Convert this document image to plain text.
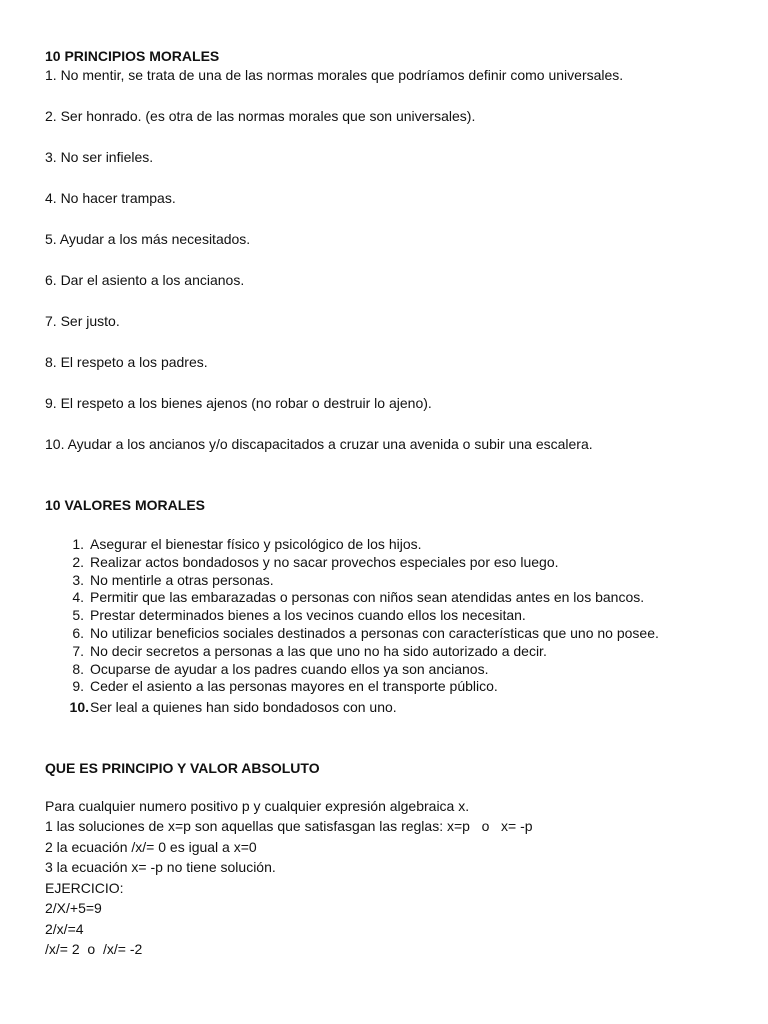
10 PRINCIPIOS MORALES

1. No mentir, se trata de una de las normas morales que podríamos definir como universales.

2. Ser honrado. (es otra de las normas morales que son universales).

3. No ser infieles.

4. No hacer trampas.

5. Ayudar a los más necesitados.

6. Dar el asiento a los ancianos.

7. Ser justo.

8. El respeto a los padres.

9. El respeto a los bienes ajenos (no robar o destruir lo ajeno).

10. Ayudar a los ancianos y/o discapacitados a cruzar una avenida o subir una escalera.

10 VALORES MORALES

1. Asegurar el bienestar físico y psicológico de los hijos.
2. Realizar actos bondadosos y no sacar provechos especiales por eso luego.
3. No mentirle a otras personas.
4. Permitir que las embarazadas o personas con niños sean atendidas antes en los bancos.
5. Prestar determinados bienes a los vecinos cuando ellos los necesitan.
6. No utilizar beneficios sociales destinados a personas con características que uno no posee.
7. No decir secretos a personas a las que uno no ha sido autorizado a decir.
8. Ocuparse de ayudar a los padres cuando ellos ya son ancianos.
9. Ceder el asiento a las personas mayores en el transporte público.
10. Ser leal a quienes han sido bondadosos con uno.

QUE ES PRINCIPIO Y VALOR ABSOLUTO

Para cualquier numero positivo p y cualquier expresión algebraica x.

1 las soluciones de x=p son aquellas que satisfasgan las reglas: x=p   o   x= -p

2 la ecuación /x/= 0 es igual a x=0

3 la ecuación x= -p no tiene solución.

EJERCICIO:

2/X/+5=9

2/x/=4

/x/= 2  o  /x/= -2
